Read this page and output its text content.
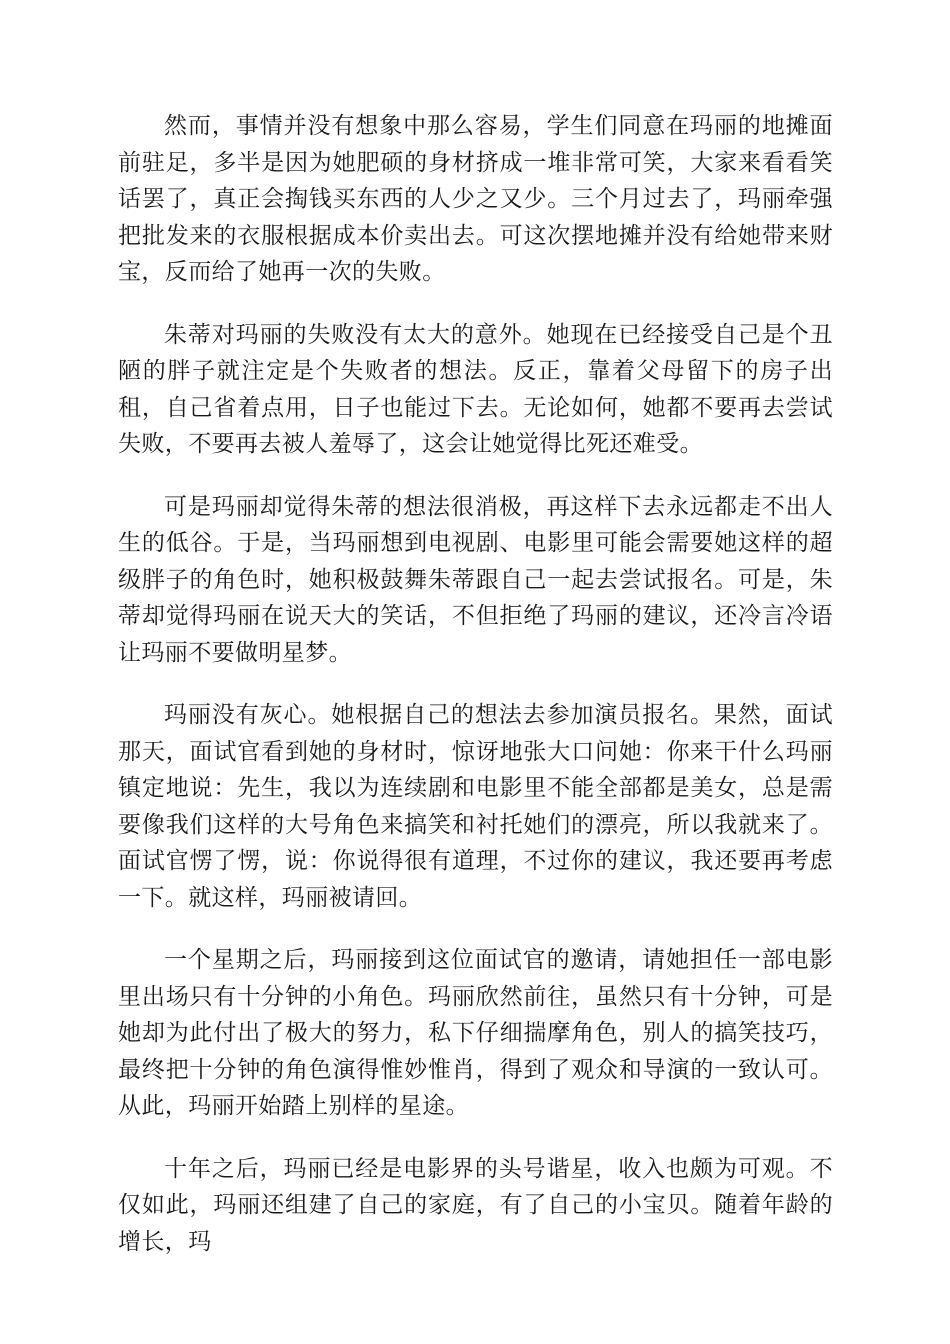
然而，事情并没有想象中那么容易，学生们同意在玛丽的地摊面前驻足，多半是因为她肥硕的身材挤成一堆非常可笑，大家来看看笑话罢了，真正会掏钱买东西的人少之又少。三个月过去了，玛丽牵强把批发来的衣服根据成本价卖出去。可这次摆地摊并没有给她带来财宝，反而给了她再一次的失败。

朱蒂对玛丽的失败没有太大的意外。她现在已经接受自己是个丑陋的胖子就注定是个失败者的想法。反正，靠着父母留下的房子出租，自己省着点用，日子也能过下去。无论如何，她都不要再去尝试失败，不要再去被人羞辱了，这会让她觉得比死还难受。

可是玛丽却觉得朱蒂的想法很消极，再这样下去永远都走不出人生的低谷。于是，当玛丽想到电视剧、电影里可能会需要她这样的超级胖子的角色时，她积极鼓舞朱蒂跟自己一起去尝试报名。可是，朱蒂却觉得玛丽在说天大的笑话，不但拒绝了玛丽的建议，还冷言冷语让玛丽不要做明星梦。

玛丽没有灰心。她根据自己的想法去参加演员报名。果然，面试那天，面试官看到她的身材时，惊讶地张大口问她：你来干什么玛丽镇定地说：先生，我以为连续剧和电影里不能全部都是美女，总是需要像我们这样的大号角色来搞笑和衬托她们的漂亮，所以我就来了。面试官愣了愣，说：你说得很有道理，不过你的建议，我还要再考虑一下。就这样，玛丽被请回。

一个星期之后，玛丽接到这位面试官的邀请，请她担任一部电影里出场只有十分钟的小角色。玛丽欣然前往，虽然只有十分钟，可是她却为此付出了极大的努力，私下仔细揣摩角色，别人的搞笑技巧，最终把十分钟的角色演得惟妙惟肖，得到了观众和导演的一致认可。从此，玛丽开始踏上别样的星途。

十年之后，玛丽已经是电影界的头号谐星，收入也颇为可观。不仅如此，玛丽还组建了自己的家庭，有了自己的小宝贝。随着年龄的增长，玛
